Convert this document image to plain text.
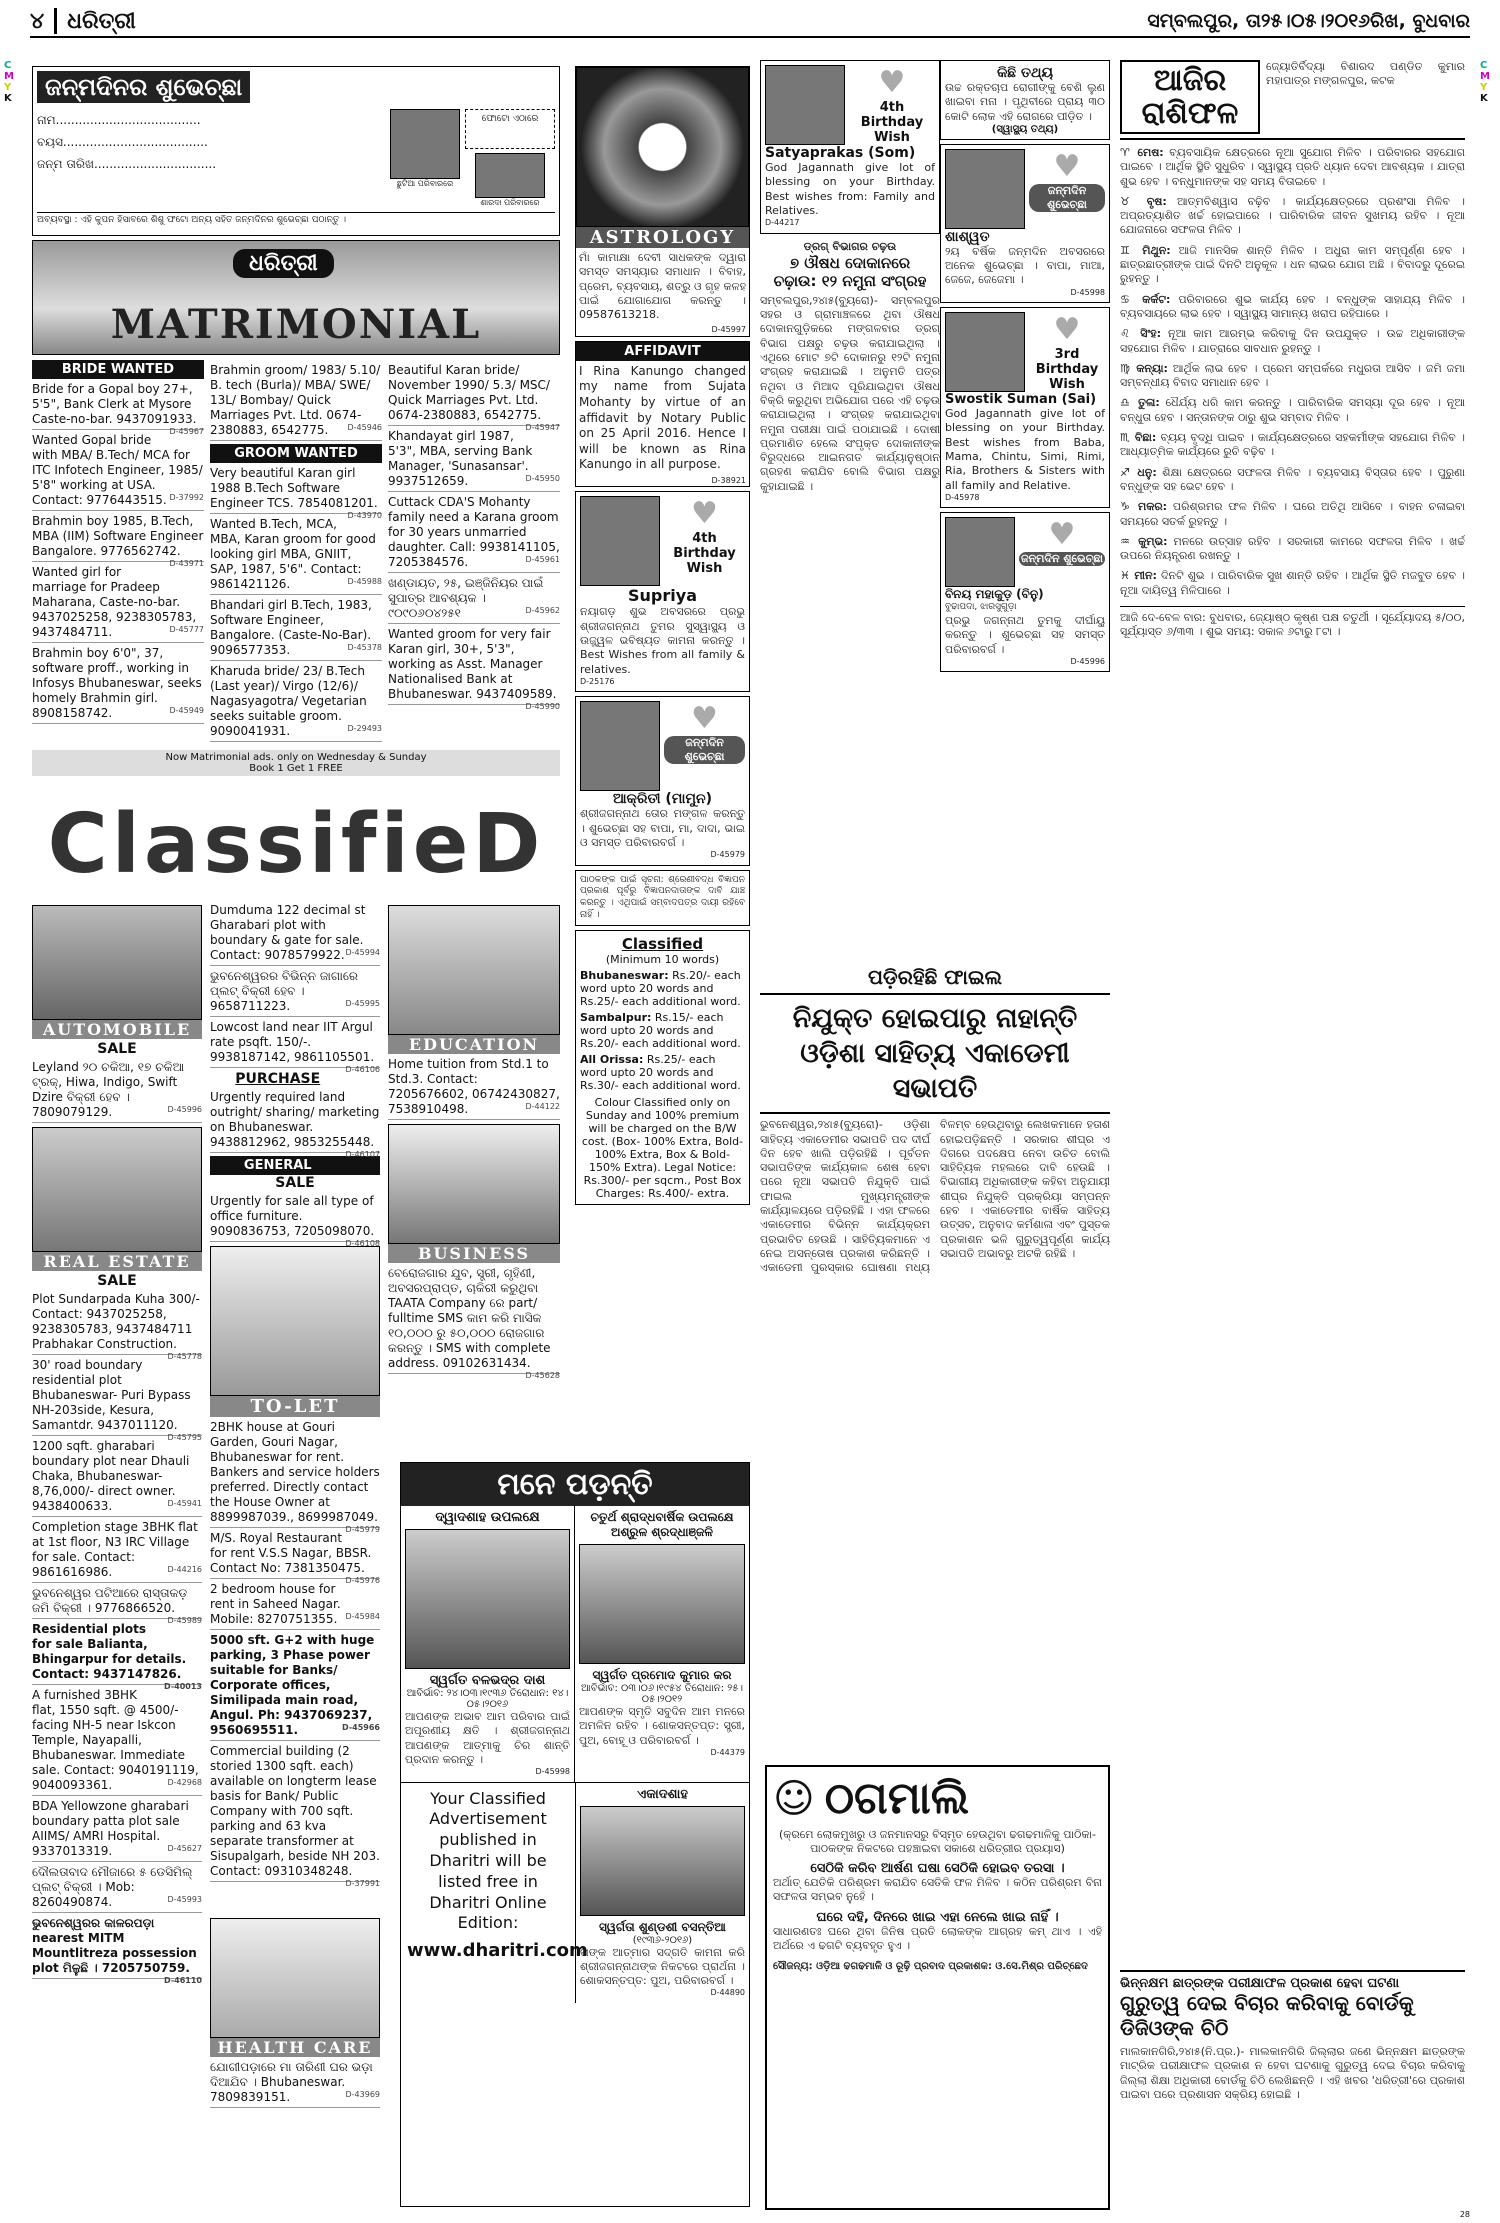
୪ ଧରିତ୍ରୀ	ସମ୍ବଲପୁର, ତା୨୫।୦୫।୨୦୧୬ରିଖ, ବୁଧବାର
C
M
Y
K
C
M
Y
K
ଜନ୍ମଦିନର ଶୁଭେଚ୍ଛା
ନାମ......................................
ବୟସ......................................
ଜନ୍ମ ତାରିଖ................................
ଛୁଟିଆ ପରିବାରରେ
ଫୋଟୋ ଏଠାରେ
ଶାରଦା ପରିବାରରେ
ଅବ୍ୟବସ୍ଥା : ଏହି କୁପନ ହିସାବରେ ଶିଶୁ ଫଟୋ ଅନ୍ୟ ସହିତ ଜନ୍ମଦିନର ଶୁଭେଚ୍ଛା ପଠାନ୍ତୁ ।
ଧରିତ୍ରୀ
MATRIMONIAL
BRIDE WANTED
Bride for a Gopal boy 27+, 5'5", Bank Clerk at Mysore Caste-no-bar. 9437091933.
D-45967
Wanted Gopal bride with MBA/ B.Tech/ MCA for ITC Infotech Engineer, 1985/ 5'8" working at USA. Contact: 9776443515. D-37992
Brahmin boy 1985, B.Tech, MBA (IIM) Software Engineer Bangalore. 9776562742.
D-43971
Wanted girl for marriage for Pradeep Maharana, Caste-no-bar. 9437025258, 9238305783, 9437484711.	D-45777
Brahmin boy 6'0", 37, software proff., working in Infosys Bhubaneswar, seeks homely Brahmin girl. 8908158742.	D-45949
Brahmin groom/ 1983/ 5.10/ B. tech (Burla)/ MBA/ SWE/ 13L/ Bombay/ Quick Marriages Pvt. Ltd. 0674-2380883, 6542775. D-45946
GROOM WANTED
Very beautiful Karan girl 1988 B.Tech Software Engineer TCS. 7854081201.
D-43970
Wanted B.Tech, MCA, MBA, Karan groom for good looking girl MBA, GNIIT, SAP, 1987, 5'6". Contact: 9861421126.	D-45988
Bhandari girl B.Tech, 1983, Software Engineer, Bangalore. (Caste-No-Bar). 9096577353.	D-45378
Kharuda bride/ 23/ B.Tech (Last year)/ Virgo (12/6)/ Nagasyagotra/ Vegetarian seeks suitable groom. 9090041931.	D-29493
Beautiful Karan bride/ November 1990/ 5.3/ MSC/ Quick Marriages Pvt. Ltd. 0674-2380883, 6542775.
D-45947
Khandayat girl 1987, 5'3", MBA, serving Bank Manager, 'Sunasansar'. 9937512659.	D-45950
Cuttack CDA'S Mohanty family need a Karana groom for 30 years unmarried daughter. Call: 9938141105, 7205384576.	D-45961
ଖଣ୍ଡାୟତ, ୨୫, ଇଞ୍ଜିନିୟର ପାଇଁ ସୁପାତ୍ର ଆବଶ୍ୟକ । ୯୦୯୦୬୦୪୨୫୧	D-45962
Wanted groom for very fair Karan girl, 30+, 5'3", working as Asst. Manager Nationalised Bank at Bhubaneswar. 9437409589.
D-45990
Now Matrimonial ads. only on Wednesday & Sunday
Book 1 Get 1 FREE
ClassifieD
AUTOMOBILE
SALE
Leyland ୨୦ ଚକିଆ, ୧୭ ଚକିଆ ଟ୍ରକ୍, Hiwa, Indigo, Swift Dzire ବିକ୍ରୀ ହେବ । 7809079129.	D-45996
REAL ESTATE
SALE
Plot Sundarpada Kuha 300/-Contact: 9437025258, 9238305783, 9437484711 Prabhakar Construction.
D-45778
30' road boundary residential plot Bhubaneswar- Puri Bypass NH-203side, Kesura, Samantdr. 9437011120.
D-45795
1200 sqft. gharabari boundary plot near Dhauli Chaka, Bhubaneswar-8,76,000/- direct owner. 9438400633.	D-45941
Completion stage 3BHK flat at 1st floor, N3 IRC Village for sale. Contact: 9861616986.	D-44216
ଭୁବନେଶ୍ୱର ପଟିଆରେ ରାସ୍ତାକଡ଼ ଜମି ବିକ୍ରୀ । 9776866520.
D-45989
Residential plots for sale Balianta, Bhingarpur for details. Contact: 9437147826.
D-40013
A furnished 3BHK flat, 1550 sqft. @ 4500/-facing NH-5 near Iskcon Temple, Nayapalli, Bhubaneswar. Immediate sale. Contact: 9040191119, 9040093361.	D-42968
BDA Yellowzone gharabari boundary patta plot sale AIIMS/ AMRI Hospital. 9337013319.	D-45627
ଦୌଲତାବାଦ ମୌଜାରେ ୫ ଡେସିମିଲ୍ ପ୍ଲଟ୍ ବିକ୍ରୀ । Mob: 8260490874.	D-45993
ଭୁବନେଶ୍ୱରର କାଳରପଡ଼ା nearest MITM Mountlitreza possession plot ମିଳୁଛି । 7205750759.
D-46110
Dumduma 122 decimal st Gharabari plot with boundary & gate for sale. Contact: 9078579922. D-45994
ଭୁବନେଶ୍ୱରର ବିଭିନ୍ନ ଜାଗାରେ ପ୍ଲଟ୍ ବିକ୍ରୀ ହେବ । 9658711223.	D-45995
Lowcost land near IIT Argul rate psqft. 150/-. 9938187142, 9861105501.
D-46106
PURCHASE
Urgently required land outright/ sharing/ marketing on Bhubaneswar. 9438812962, 9853255448.
D-46107
GENERAL
SALE
Urgently for sale all type of office furniture. 9090836753, 7205098070.
D-46108
TO-LET
2BHK house at Gouri Garden, Gouri Nagar, Bhubaneswar for rent. Bankers and service holders preferred. Directly contact the House Owner at 8899987039., 8699987049.
D-45979
M/S. Royal Restaurant for rent V.S.S Nagar, BBSR. Contact No: 7381350475.
D-45976
2 bedroom house for rent in Saheed Nagar. Mobile: 8270751355. D-45984
5000 sft. G+2 with huge parking, 3 Phase power suitable for Banks/ Corporate offices, Similipada main road, Angul. Ph: 9437069237, 9560695511.	D-45966
Commercial building (2 storied 1300 sqft. each) available on longterm lease basis for Bank/ Public Company with 700 sqft. parking and 63 kva separate transformer at Sisupalgarh, beside NH 203. Contact: 09310348248.
D-37991
EDUCATION
Home tuition from Std.1 to Std.3. Contact: 7205676602, 06742430827, 7538910498.	D-44122
BUSINESS
ବେରୋଜଗାର ଯୁବ, ସ୍ତ୍ରୀ, ଗୃହିଣୀ, ଅବସରପ୍ରାପ୍ତ, ଚାକିରୀ କରୁଥିବା TAATA Company ରେ part/ fulltime SMS କାମ କରି ମାସିକ ୧୦,୦୦୦ ରୁ ୫୦,୦୦୦ ରୋଜଗାର କରନ୍ତୁ । SMS with complete address. 09102631434.
D-45628
HEALTH CARE
ଯୋଗୀପଡ଼ାରେ ମା ତାରିଣୀ ଘର ଭଡ଼ା ଦିଆଯିବ । Bhubaneswar. 7809839151.	D-43969
ମନେ ପଡ଼ନ୍ତି
ଦ୍ୱାଦଶାହ ଉପଲକ୍ଷେ
ସ୍ୱର୍ଗତ ବଳଭଦ୍ର ଦାଶ
ଆବିର୍ଭାବ: ୨୪।୦୩।୧୯୩୬ ତିରୋଧାନ: ୧୪।୦୫।୨୦୧୬
ଆପଣଙ୍କ ଅଭାବ ଆମ ପରିବାର ପାଇଁ ଅପୂରଣୀୟ କ୍ଷତି । ଶ୍ରୀଜଗନ୍ନାଥ ଆପଣଙ୍କ ଆତ୍ମାକୁ ଚିର ଶାନ୍ତି ପ୍ରଦାନ କରନ୍ତୁ ।
D-45998
ଚତୁର୍ଥ ଶ୍ରାଦ୍ଧବାର୍ଷିକ ଉପଲକ୍ଷେ ଅଶ୍ରୁଳ ଶ୍ରଦ୍ଧାଞ୍ଜଳି
ସ୍ୱର୍ଗତ ପ୍ରମୋଦ କୁମାର କର
ଆବିର୍ଭାବ: ୦୩।୦୬।୧୯୫୪ ତିରୋଧାନ: ୨୫।୦୫।୨୦୧୨
ଆପଣଙ୍କ ସ୍ମୃତି ସବୁଦିନ ଆମ ମନରେ ଅମଳିନ ରହିବ । ଶୋକସନ୍ତପ୍ତ: ସ୍ତ୍ରୀ, ପୁଅ, ବୋହୂ ଓ ପରିବାରବର୍ଗ ।
D-44379
Your Classified Advertisement published in Dharitri will be listed free in Dharitri Online Edition:
www.dharitri.com
ଏକାଦଶାହ
ସ୍ୱର୍ଗତା ଶୁଣ୍ଡଶୀ ବସନ୍ତିଆ
(୧୯୩୬-୨୦୧୬)
ତାଙ୍କ ଆତ୍ମାର ସଦ୍ଗତି କାମନା କରି ଶ୍ରୀଜଗନ୍ନାଥଙ୍କ ନିକଟରେ ପ୍ରାର୍ଥନା । ଶୋକସନ୍ତପ୍ତ: ପୁଅ, ପରିବାରବର୍ଗ ।
D-44890
ASTROLOGY
ମାଁ କାମାକ୍ଷା ଦେବୀ ସାଧକଙ୍କ ଦ୍ୱାରା ସମସ୍ତ ସମସ୍ୟାର ସମାଧାନ । ବିବାହ, ପ୍ରେମ, ବ୍ୟବସାୟ, ଶତ୍ରୁ ଓ ଗୃହ କଳହ ପାଇଁ ଯୋଗାଯୋଗ କରନ୍ତୁ । 09587613218.
D-45997
AFFIDAVIT
I Rina Kanungo changed my name from Sujata Mohanty by virtue of an affidavit by Notary Public on 25 April 2016. Hence I will be known as Rina Kanungo in all purpose.
D-38921
♥
4th Birthday Wish
Supriya
ନୟାଗଡ଼ ଶୁଭ ଅବସରରେ ପ୍ରଭୁ ଶ୍ରୀଜଗନ୍ନାଥ ତୁମର ସୁସ୍ୱାସ୍ଥ୍ୟ ଓ ଉଜ୍ଜ୍ୱଳ ଭବିଷ୍ୟତ କାମନା କରନ୍ତୁ । Best Wishes from all family & relatives.
D-25176
♥
ଜନ୍ମଦିନ ଶୁଭେଚ୍ଛା
ଆକ୍ରିତୀ (ମାମୁନ)
ଶ୍ରୀଜଗନ୍ନାଥ ତୋର ମଙ୍ଗଳ କରନ୍ତୁ । ଶୁଭେଚ୍ଛା ସହ ବାପା, ମା, ଦାଦା, ଭାଇ ଓ ସମସ୍ତ ପରିବାରବର୍ଗ ।
D-45979
ପାଠକଙ୍କ ପାଇଁ ସୂଚନା: ଶ୍ରେଣୀବଦ୍ଧ ବିଜ୍ଞାପନ ପ୍ରକାଶ ପୂର୍ବରୁ ବିଜ୍ଞାପନଦାତାଙ୍କ ଦାବି ଯାଞ୍ଚ କରନ୍ତୁ । ଏଥିପାଇଁ ସମ୍ବାଦପତ୍ର ଦାୟୀ ରହିବେ ନାହିଁ ।
Classified
(Minimum 10 words)
Bhubaneswar: Rs.20/- each word upto 20 words and Rs.25/- each additional word.
Sambalpur: Rs.15/- each word upto 20 words and Rs.20/- each additional word.
All Orissa: Rs.25/- each word upto 20 words and Rs.30/- each additional word.
Colour Classified only on Sunday and 100% premium will be charged on the B/W cost. (Box- 100% Extra, Bold- 100% Extra, Box & Bold- 150% Extra). Legal Notice: Rs.300/- per sqcm., Post Box Charges: Rs.400/- extra.
♥
4th Birthday Wish
Satyaprakas (Som)
God Jagannath give lot of blessing on your Birthday. Best wishes from: Family and Relatives.
D-44217
ଡ୍ରଗ୍ ବିଭାଗର ଚଢ଼ଉ
୭ ଔଷଧ ଦୋକାନରେ
ଚଢ଼ାଉ: ୧୨ ନମୁନା ସଂଗ୍ରହ
ସମ୍ବଲପୁର,୨୪ା୫(ବ୍ୟୁରୋ)- ସମ୍ବଲପୁର ସହର ଓ ଗ୍ରାମାଞ୍ଚଳରେ ଥିବା ଔଷଧ ଦୋକାନଗୁଡ଼ିକରେ ମଙ୍ଗଳବାର ଡ୍ରଗ୍ ବିଭାଗ ପକ୍ଷରୁ ଚଢ଼ଉ କରାଯାଇଥିଲା । ଏଥିରେ ମୋଟ ୭ଟି ଦୋକାନରୁ ୧୨ଟି ନମୁନା ସଂଗ୍ରହ କରାଯାଇଛି । ଅନୁମତି ପତ୍ର ନଥିବା ଓ ମିଆଦ ପୂରିଯାଇଥିବା ଔଷଧ ବିକ୍ରି କରୁଥିବା ଅଭିଯୋଗ ପରେ ଏହି ଚଢ଼ଉ କରାଯାଇଥିଲା । ସଂଗ୍ରହ କରାଯାଇଥିବା ନମୁନା ପରୀକ୍ଷା ପାଇଁ ପଠାଯାଇଛି । ଦୋଷୀ ପ୍ରମାଣିତ ହେଲେ ସଂପୃକ୍ତ ଦୋକାନୀଙ୍କ ବିରୁଦ୍ଧରେ ଆଇନଗତ କାର୍ଯ୍ୟାନୁଷ୍ଠାନ ଗ୍ରହଣ କରାଯିବ ବୋଲି ବିଭାଗ ପକ୍ଷରୁ କୁହାଯାଇଛି ।
କିଛି ତଥ୍ୟ
ଉଚ୍ଚ ରକ୍ତଚାପ ରୋଗୀଙ୍କୁ ବେଶି ଲୁଣ ଖାଇବା ମନା । ପୃଥିବୀରେ ପ୍ରାୟ ୩୦ କୋଟି ଲୋକ ଏହି ରୋଗରେ ପୀଡ଼ିତ ।
(ସ୍ୱାସ୍ଥ୍ୟ ତଥ୍ୟ)
♥
ଜନ୍ମଦିନ ଶୁଭେଚ୍ଛା
ଶାଶ୍ୱତ
୨ୟ ବର୍ଷିକ ଜନ୍ମଦିନ ଅବସରରେ ଅନେକ ଶୁଭେଚ୍ଛା । ବାପା, ମାଆ, ଜେଜେ, ଜେଜେମା ।
D-45998
♥
3rd Birthday Wish
Swostik Suman (Sai)
God Jagannath give lot of blessing on your Birthday. Best wishes from Baba, Mama, Chintu, Simi, Rimi, Ria, Brothers & Sisters with all family and Relative.
D-45978
♥
ଜନ୍ମଦିନ ଶୁଭେଚ୍ଛା
ବିନୟ ମହାକୁଡ଼ (ବିନୁ)
ବୁଢାପଦା, ଝାରସୁଗୁଡ଼ା
ପ୍ରଭୁ ଜଗନ୍ନାଥ ତୁମକୁ ଦୀର୍ଘାୟୁ କରନ୍ତୁ । ଶୁଭେଚ୍ଛା ସହ ସମସ୍ତ ପରିବାରବର୍ଗ ।
D-45996
ପଡ଼ିରହିଛି ଫାଇଲ
ନିଯୁକ୍ତ ହୋଇପାରୁ ନାହାନ୍ତି ଓଡ଼ିଶା ସାହିତ୍ୟ ଏକାଡେମୀ ସଭାପତି
ଭୁବନେଶ୍ୱର,୨୪ା୫(ବ୍ୟୁରୋ)- ଓଡ଼ିଶା ସାହିତ୍ୟ ଏକାଡେମୀର ସଭାପତି ପଦ ଦୀର୍ଘ ଦିନ ହେବ ଖାଲି ପଡ଼ିରହିଛି । ପୂର୍ବତନ ସଭାପତିଙ୍କ କାର୍ଯ୍ୟକାଳ ଶେଷ ହେବା ପରେ ନୂଆ ସଭାପତି ନିଯୁକ୍ତି ପାଇଁ ଫାଇଲ ମୁଖ୍ୟମନ୍ତ୍ରୀଙ୍କ କାର୍ଯ୍ୟାଳୟରେ ପଡ଼ିରହିଛି । ଏହା ଫଳରେ ଏକାଡେମୀର ବିଭିନ୍ନ କାର୍ଯ୍ୟକ୍ରମ ପ୍ରଭାବିତ ହେଉଛି । ସାହିତ୍ୟିକମାନେ ଏ ନେଇ ଅସନ୍ତୋଷ ପ୍ରକାଶ କରିଛନ୍ତି । ଏକାଡେମୀ ପୁରସ୍କାର ଘୋଷଣା ମଧ୍ୟ ବିଳମ୍ବ ହେଉଥିବାରୁ ଲେଖକମାନେ ହତାଶ ହୋଇପଡ଼ିଛନ୍ତି । ସରକାର ଶୀଘ୍ର ଏ ଦିଗରେ ପଦକ୍ଷେପ ନେବା ଉଚିତ ବୋଲି ସାହିତ୍ୟିକ ମହଲରେ ଦାବି ହେଉଛି । ବିଭାଗୀୟ ଅଧିକାରୀଙ୍କ କହିବା ଅନୁଯାୟୀ ଶୀଘ୍ର ନିଯୁକ୍ତି ପ୍ରକ୍ରିୟା ସମ୍ପନ୍ନ ହେବ । ଏକାଡେମୀର ବାର୍ଷିକ ସାହିତ୍ୟ ଉତ୍ସବ, ଅନୁବାଦ କର୍ମଶାଳା ଏବଂ ପୁସ୍ତକ ପ୍ରକାଶନ ଭଳି ଗୁରୁତ୍ୱପୂର୍ଣ୍ଣ କାର୍ଯ୍ୟ ସଭାପତି ଅଭାବରୁ ଅଟକି ରହିଛି ।
☺ ଠଗମାଲି
(କ୍ରମେ ଲୋକମୁଖରୁ ଓ ଜନମାନସରୁ ବିସ୍ମୃତ ହେଉଥିବା ଢଗଢମାଳିକୁ ପାଠିକା-ପାଠକଙ୍କ ନିକଟରେ ପହଞ୍ଚାଇବା ସକାଶେ ଧରିତ୍ରୀର ପ୍ରୟାସ)
ସେଠିକି କରିବ ଆର୍ଷଣ ଘଷା ସେଠିକି ହୋଇବ ତରସା ।
ଅର୍ଥାତ୍ ଯେତିକି ପରିଶ୍ରମ କରାଯିବ ସେତିକି ଫଳ ମିଳିବ । କଠିନ ପରିଶ୍ରମ ବିନା ସଫଳତା ସମ୍ଭବ ନୁହେଁ ।
ଘରେ ଦହି, ଦିନରେ ଖାଇ ଏହା ନେଲେ ଖାଇ ନାହିଁ ।
ସାଧାରଣତଃ ଘରେ ଥିବା ଜିନିଷ ପ୍ରତି ଲୋକଙ୍କ ଆଗ୍ରହ କମ୍ ଥାଏ । ଏହି ଅର୍ଥରେ ଏ ଢଗଟି ବ୍ୟବହୃତ ହୁଏ ।
ସୌଜନ୍ୟ: ଓଡ଼ିଆ ଢଗଢମାଳି ଓ ରୂଢ଼ି ପ୍ରବାଦ ପ୍ରକାଶକ: ଓ.ସେ.ମିଶ୍ର ପରିଚ୍ଛେଦ
ଆଜିର ରାଶିଫଳ
ଜ୍ୟୋତିର୍ବିଦ୍ୟା ବିଶାରଦ ପଣ୍ଡିତ କୁମାର ମହାପାତ୍ର ମଙ୍ଗଳପୁର, କଟକ
♈ ମେଷ: ବ୍ୟବସାୟିକ କ୍ଷେତ୍ରରେ ନୂଆ ସୁଯୋଗ ମିଳିବ । ପରିବାରର ସହଯୋଗ ପାଇବେ । ଆର୍ଥିକ ସ୍ଥିତି ସୁଧୁରିବ । ସ୍ୱାସ୍ଥ୍ୟ ପ୍ରତି ଧ୍ୟାନ ଦେବା ଆବଶ୍ୟକ । ଯାତ୍ରା ଶୁଭ ହେବ । ବନ୍ଧୁମାନଙ୍କ ସହ ସମୟ ବିତାଇବେ ।
♉ ବୃଷ: ଆତ୍ମବିଶ୍ୱାସ ବଢ଼ିବ । କାର୍ଯ୍ୟକ୍ଷେତ୍ରରେ ପ୍ରଶଂସା ମିଳିବ । ଅପ୍ରତ୍ୟାଶିତ ଖର୍ଚ୍ଚ ହୋଇପାରେ । ପାରିବାରିକ ଜୀବନ ସୁଖମୟ ରହିବ । ନୂଆ ଯୋଜନାରେ ସଫଳତା ମିଳିବ ।
♊ ମିଥୁନ: ଆଜି ମାନସିକ ଶାନ୍ତି ମିଳିବ । ଅଧୁରା କାମ ସମ୍ପୂର୍ଣ୍ଣ ହେବ । ଛାତ୍ରଛାତ୍ରୀଙ୍କ ପାଇଁ ଦିନଟି ଅନୁକୂଳ । ଧନ ଲାଭର ଯୋଗ ଅଛି । ବିବାଦରୁ ଦୂରେଇ ରୁହନ୍ତୁ ।
♋ କର୍କଟ: ପରିବାରରେ ଶୁଭ କାର୍ଯ୍ୟ ହେବ । ବନ୍ଧୁଙ୍କ ସାହାଯ୍ୟ ମିଳିବ । ବ୍ୟବସାୟରେ ଲାଭ ହେବ । ସ୍ୱାସ୍ଥ୍ୟ ସାମାନ୍ୟ ଖରାପ ରହିପାରେ ।
♌ ସିଂହ: ନୂଆ କାମ ଆରମ୍ଭ କରିବାକୁ ଦିନ ଉପଯୁକ୍ତ । ଉଚ୍ଚ ଅଧିକାରୀଙ୍କ ସହଯୋଗ ମିଳିବ । ଯାତ୍ରାରେ ସାବଧାନ ରୁହନ୍ତୁ ।
♍ କନ୍ୟା: ଆର୍ଥିକ ଲାଭ ହେବ । ପ୍ରେମ ସମ୍ପର୍କରେ ମଧୁରତା ଆସିବ । ଜମି ଜମା ସମ୍ବନ୍ଧୀୟ ବିବାଦ ସମାଧାନ ହେବ ।
♎ ତୁଳା: ଧୈର୍ଯ୍ୟ ଧରି କାମ କରନ୍ତୁ । ପାରିବାରିକ ସମସ୍ୟା ଦୂର ହେବ । ନୂଆ ବନ୍ଧୁତା ହେବ । ସନ୍ତାନଙ୍କ ଠାରୁ ଶୁଭ ସମ୍ବାଦ ମିଳିବ ।
♏ ବିଛା: ବ୍ୟୟ ବୃଦ୍ଧି ପାଇବ । କାର୍ଯ୍ୟକ୍ଷେତ୍ରରେ ସହକର୍ମୀଙ୍କ ସହଯୋଗ ମିଳିବ । ଆଧ୍ୟାତ୍ମିକ କାର୍ଯ୍ୟରେ ରୁଚି ବଢ଼ିବ ।
♐ ଧନୁ: ଶିକ୍ଷା କ୍ଷେତ୍ରରେ ସଫଳତା ମିଳିବ । ବ୍ୟବସାୟ ବିସ୍ତାର ହେବ । ପୁରୁଣା ବନ୍ଧୁଙ୍କ ସହ ଭେଟ ହେବ ।
♑ ମକର: ପରିଶ୍ରମର ଫଳ ମିଳିବ । ଘରେ ଅତିଥି ଆସିବେ । ବାହନ ଚଳାଇବା ସମୟରେ ସତର୍କ ରୁହନ୍ତୁ ।
♒ କୁମ୍ଭ: ମନରେ ଉତ୍ସାହ ରହିବ । ସରକାରୀ କାମରେ ସଫଳତା ମିଳିବ । ଖର୍ଚ୍ଚ ଉପରେ ନିୟନ୍ତ୍ରଣ ରଖନ୍ତୁ ।
♓ ମୀନ: ଦିନଟି ଶୁଭ । ପାରିବାରିକ ସୁଖ ଶାନ୍ତି ରହିବ । ଆର୍ଥିକ ସ୍ଥିତି ମଜବୁତ ହେବ । ନୂଆ ଦାୟିତ୍ୱ ମିଳିପାରେ ।
ଆଜି ଦେ-ବେଳ ବାର: ବୁଧବାର, ଜ୍ୟୋଷ୍ଠ କୃଷ୍ଣ ପକ୍ଷ ଚତୁର୍ଥୀ । ସୂର୍ଯ୍ୟୋଦୟ ୫/୦୦, ସୂର୍ଯ୍ୟାସ୍ତ ୬/୩୩ । ଶୁଭ ସମୟ: ସକାଳ ୬ଟାରୁ ୮ଟା ।
ଭିନ୍ନକ୍ଷମ ଛାତ୍ରଙ୍କ ପରୀକ୍ଷାଫଳ ପ୍ରକାଶ ହେବା ଘଟଣା
ଗୁରୁତ୍ୱ ଦେଇ ବିଚାର କରିବାକୁ ବୋର୍ଡକୁ ଡିଜିଓଙ୍କ ଚିଠି
ମାଲକାନଗିରି,୨୪ା୫(ନି.ପ୍ର.)- ମାଲକାନଗିରି ଜିଲ୍ଲାର ଜଣେ ଭିନ୍ନକ୍ଷମ ଛାତ୍ରଙ୍କ ମାଟ୍ରିକ ପରୀକ୍ଷାଫଳ ପ୍ରକାଶ ନ ହେବା ଘଟଣାକୁ ଗୁରୁତ୍ୱ ଦେଇ ବିଚାର କରିବାକୁ ଜିଲ୍ଲା ଶିକ୍ଷା ଅଧିକାରୀ ବୋର୍ଡକୁ ଚିଠି ଲେଖିଛନ୍ତି । ଏହି ଖବର 'ଧରିତ୍ରୀ'ରେ ପ୍ରକାଶ ପାଇବା ପରେ ପ୍ରଶାସନ ସକ୍ରିୟ ହୋଇଛି ।
28
